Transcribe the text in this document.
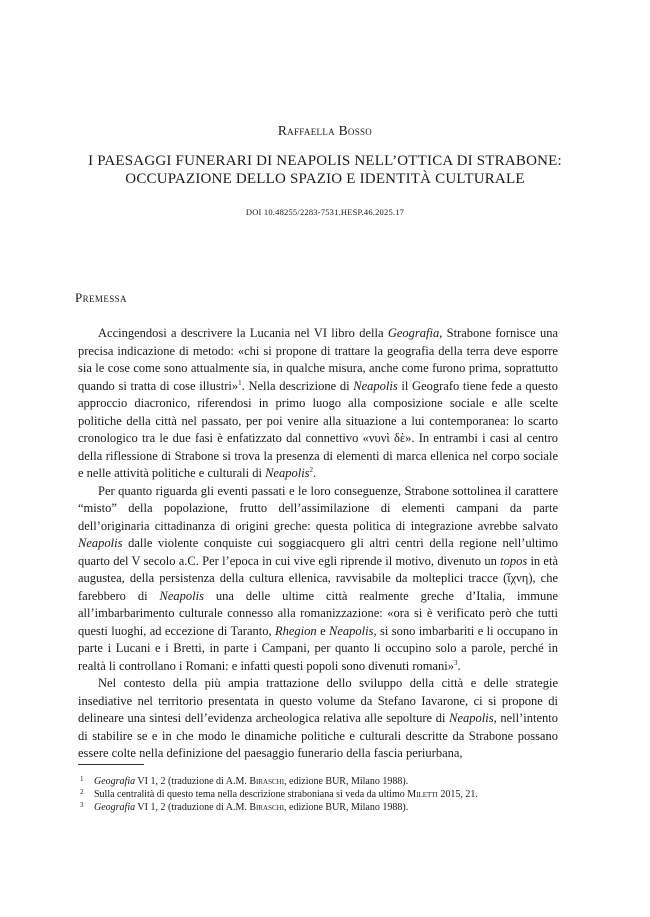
Raffaella Bosso
I PAESAGGI FUNERARI DI NEAPOLIS NELL’OTTICA DI STRABONE:
OCCUPAZIONE DELLO SPAZIO E IDENTITÀ CULTURALE
DOI 10.48255/2283-7531.HESP.46.2025.17
Premessa

Accingendosi a descrivere la Lucania nel VI libro della Geografia, Strabone fornisce una precisa indicazione di metodo: «chi si propone di trattare la geografia della terra deve esporre sia le cose come sono attualmente sia, in qualche misura, anche come furono prima, soprattutto quando si tratta di cose illustri»$^1$. Nella descrizione di Neapolis il Geografo tiene fede a questo approccio diacronico, riferendosi in primo luogo alla composizione sociale e alle scelte politiche della città nel passato, per poi venire alla situazione a lui contemporanea: lo scarto cronologico tra le due fasi è enfatizzato dal connettivo «νυνὶ δὲ». In entrambi i casi al centro della riflessione di Strabone si trova la presenza di elementi di marca ellenica nel corpo sociale e nelle attività politiche e culturali di Neapolis$^2$.

Per quanto riguarda gli eventi passati e le loro conseguenze, Strabone sottolinea il carattere “misto” della popolazione, frutto dell’assimilazione di elementi campani da parte dell’originaria cittadinanza di origini greche: questa politica di integrazione avrebbe salvato Neapolis dalle violente conquiste cui soggiacquero gli altri centri della regione nell’ultimo quarto del V secolo a.C. Per l’epoca in cui vive egli riprende il motivo, divenuto un topos in età augustea, della persistenza della cultura ellenica, ravvisabile da molteplici tracce (ἴχνη), che farebbero di Neapolis una delle ultime città realmente greche d’Italia, immune all’imbarbarimento culturale connesso alla romanizzazione: «ora si è verificato però che tutti questi luoghi, ad eccezione di Taranto, Rhegion e Neapolis, si sono imbarbariti e li occupano in parte i Lucani e i Bretti, in parte i Campani, per quanto li occupino solo a parole, perché in realtà li controllano i Romani: e infatti questi popoli sono divenuti romani»$^3$.

Nel contesto della più ampia trattazione dello sviluppo della città e delle strategie insediative nel territorio presentata in questo volume da Stefano Iavarone, ci si propone di delineare una sintesi dell’evidenza archeologica relativa alle sepolture di Neapolis, nell’intento di stabilire se e in che modo le dinamiche politiche e culturali descritte da Strabone possano essere colte nella definizione del paesaggio funerario della fascia periurbana,

1 Geografia VI 1, 2 (traduzione di A.M. Biraschi, edizione BUR, Milano 1988).
2 Sulla centralità di questo tema nella descrizione straboniana si veda da ultimo Miletti 2015, 21.
3 Geografia VI 1, 2 (traduzione di A.M. Biraschi, edizione BUR, Milano 1988).
